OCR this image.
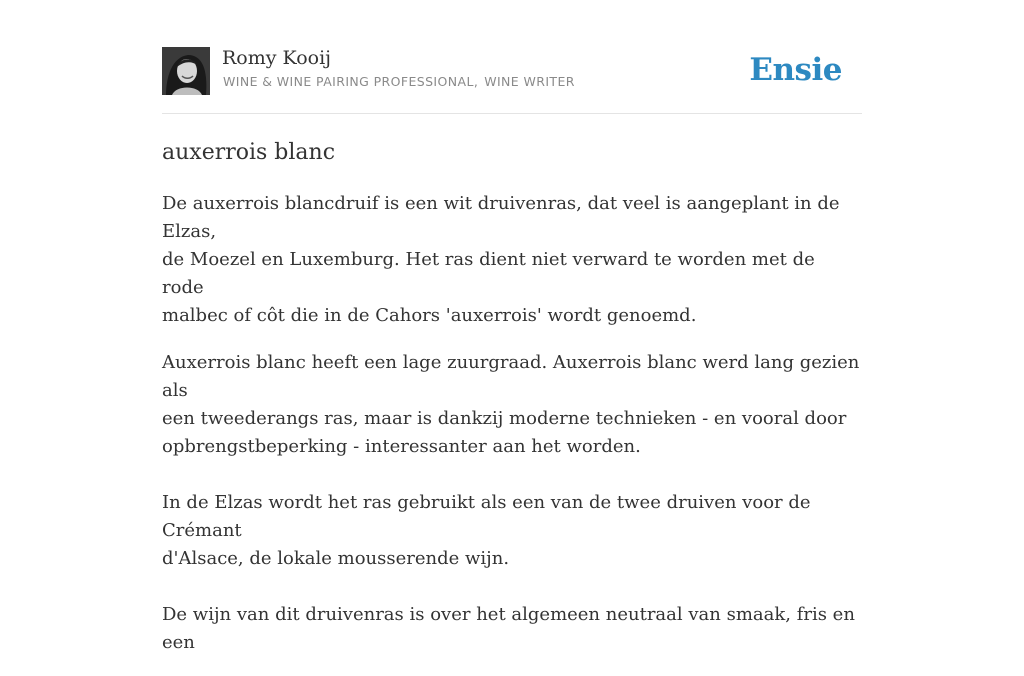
Romy Kooij
WINE & WINE PAIRING PROFESSIONAL, WINE WRITER	Ensie
auxerrois blanc

De auxerrois blancdruif is een wit druivenras, dat veel is aangeplant in de Elzas,
de Moezel en Luxemburg. Het ras dient niet verward te worden met de rode
malbec of côt die in de Cahors 'auxerrois' wordt genoemd.

Auxerrois blanc heeft een lage zuurgraad. Auxerrois blanc werd lang gezien als
een tweederangs ras, maar is dankzij moderne technieken - en vooral door
opbrengstbeperking - interessanter aan het worden.

In de Elzas wordt het ras gebruikt als een van de twee druiven voor de Crémant
d'Alsace, de lokale mousserende wijn.

De wijn van dit druivenras is over het algemeen neutraal van smaak, fris en een
